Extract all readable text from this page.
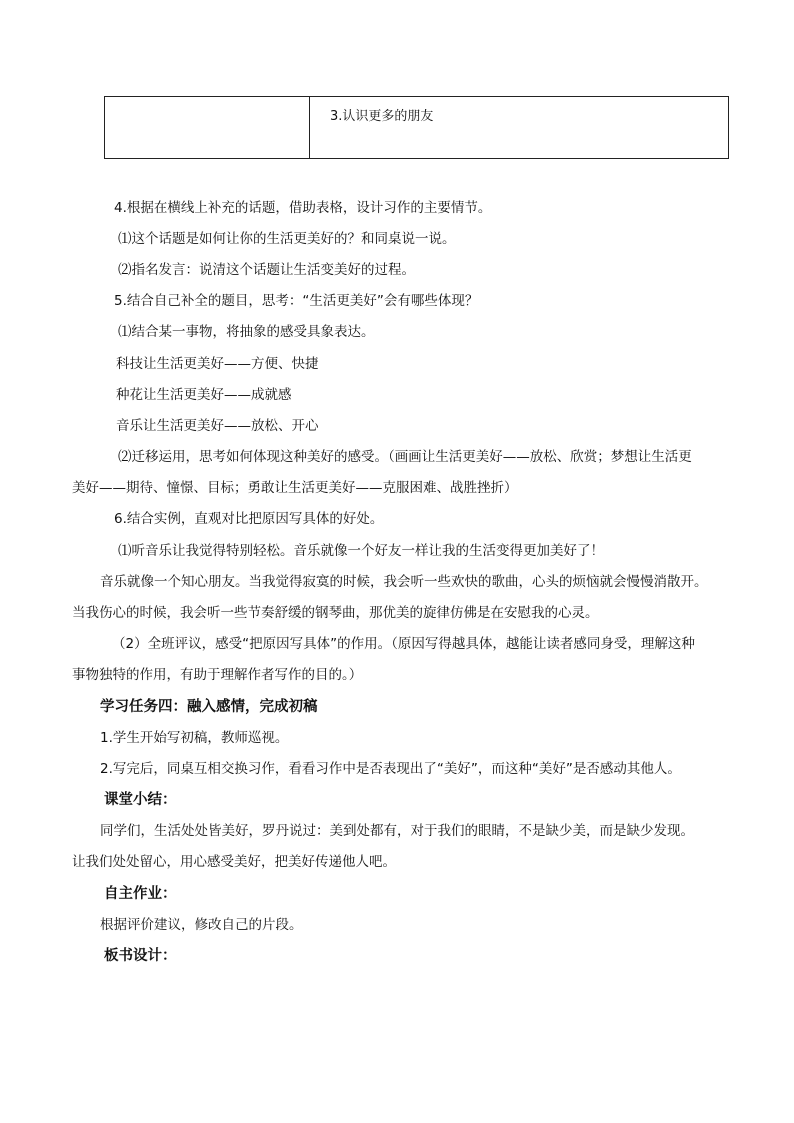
3.认识更多的朋友
4.根据在横线上补充的话题，借助表格，设计习作的主要情节。
⑴这个话题是如何让你的生活更美好的？和同桌说一说。
⑵指名发言：说清这个话题让生活变美好的过程。
5.结合自己补全的题目，思考：“生活更美好”会有哪些体现？
⑴结合某一事物，将抽象的感受具象表达。
科技让生活更美好——方便、快捷
种花让生活更美好——成就感
音乐让生活更美好——放松、开心
⑵迁移运用，思考如何体现这种美好的感受。（画画让生活更美好——放松、欣赏；梦想让生活更
美好——期待、憧憬、目标；勇敢让生活更美好——克服困难、战胜挫折）
6.结合实例，直观对比把原因写具体的好处。
⑴听音乐让我觉得特别轻松。音乐就像一个好友一样让我的生活变得更加美好了！
音乐就像一个知心朋友。当我觉得寂寞的时候，我会听一些欢快的歌曲，心头的烦恼就会慢慢消散开。
当我伤心的时候，我会听一些节奏舒缓的钢琴曲，那优美的旋律仿佛是在安慰我的心灵。
（2）全班评议，感受“把原因写具体”的作用。（原因写得越具体，越能让读者感同身受，理解这种
事物独特的作用，有助于理解作者写作的目的。）
学习任务四：融入感情，完成初稿
1.学生开始写初稿，教师巡视。
2.写完后，同桌互相交换习作，看看习作中是否表现出了“美好”，而这种“美好”是否感动其他人。
课堂小结：
同学们，生活处处皆美好，罗丹说过：美到处都有，对于我们的眼睛，不是缺少美，而是缺少发现。
让我们处处留心，用心感受美好，把美好传递他人吧。
自主作业：
根据评价建议，修改自己的片段。
板书设计：
